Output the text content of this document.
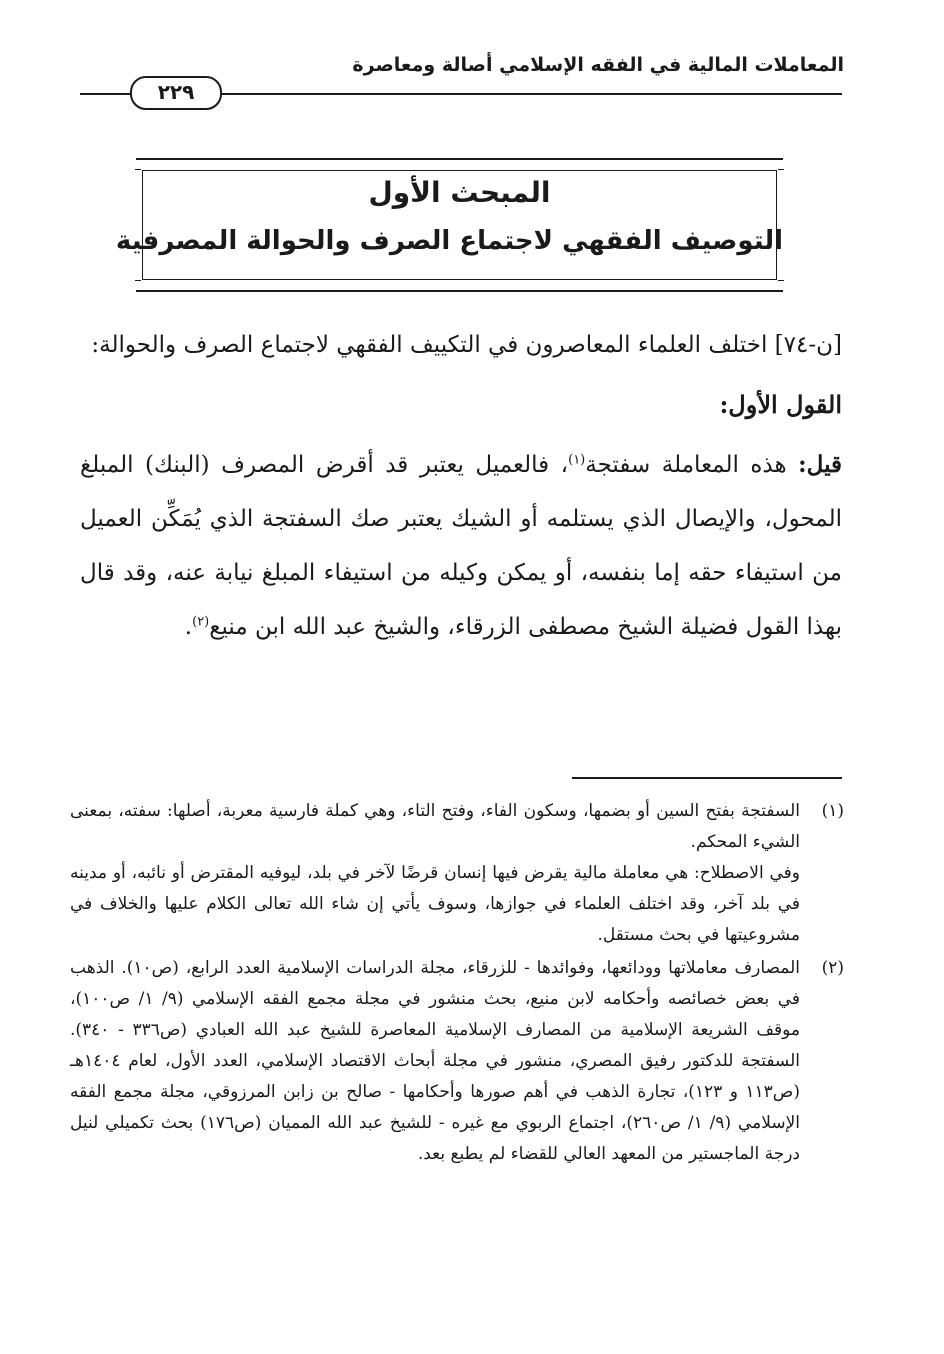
المعاملات المالية في الفقه الإسلامي أصالة ومعاصرة
٢٢٩
المبحث الأول
التوصيف الفقهي لاجتماع الصرف والحوالة المصرفية

[ن-٧٤] اختلف العلماء المعاصرون في التكييف الفقهي لاجتماع الصرف والحوالة:

القول الأول:

قيل: هذه المعاملة سفتجة$^{(١)}$، فالعميل يعتبر قد أقرض المصرف (البنك) المبلغ المحول، والإيصال الذي يستلمه أو الشيك يعتبر صك السفتجة الذي يُمَكِّن العميل من استيفاء حقه إما بنفسه، أو يمكن وكيله من استيفاء المبلغ نيابة عنه، وقد قال بهذا القول فضيلة الشيخ مصطفى الزرقاء، والشيخ عبد الله ابن منيع$^{(٢)}$.

(١)

السفتجة بفتح السين أو بضمها، وسكون الفاء، وفتح التاء، وهي كملة فارسية معربة، أصلها: سفته، بمعنى الشيء المحكم.

وفي الاصطلاح: هي معاملة مالية يقرض فيها إنسان قرضًا لآخر في بلد، ليوفيه المقترض أو نائبه، أو مدينه في بلد آخر، وقد اختلف العلماء في جوازها، وسوف يأتي إن شاء الله تعالى الكلام عليها والخلاف في مشروعيتها في بحث مستقل.

(٢)

المصارف معاملاتها وودائعها، وفوائدها - للزرقاء، مجلة الدراسات الإسلامية العدد الرابع، (ص١٠). الذهب في بعض خصائصه وأحكامه لابن منيع، بحث منشور في مجلة مجمع الفقه الإسلامي (٩/ ١/ ص١٠٠)، موقف الشريعة الإسلامية من المصارف الإسلامية المعاصرة للشيخ عبد الله العبادي (ص٣٣٦ - ٣٤٠). السفتجة للدكتور رفيق المصري، منشور في مجلة أبحاث الاقتصاد الإسلامي، العدد الأول، لعام ١٤٠٤هـ (ص١١٣ و ١٢٣)، تجارة الذهب في أهم صورها وأحكامها - صالح بن زابن المرزوقي، مجلة مجمع الفقه الإسلامي (٩/ ١/ ص٢٦٠)، اجتماع الربوي مع غيره - للشيخ عبد الله المميان (ص١٧٦) بحث تكميلي لنيل درجة الماجستير من المعهد العالي للقضاء لم يطبع بعد.
